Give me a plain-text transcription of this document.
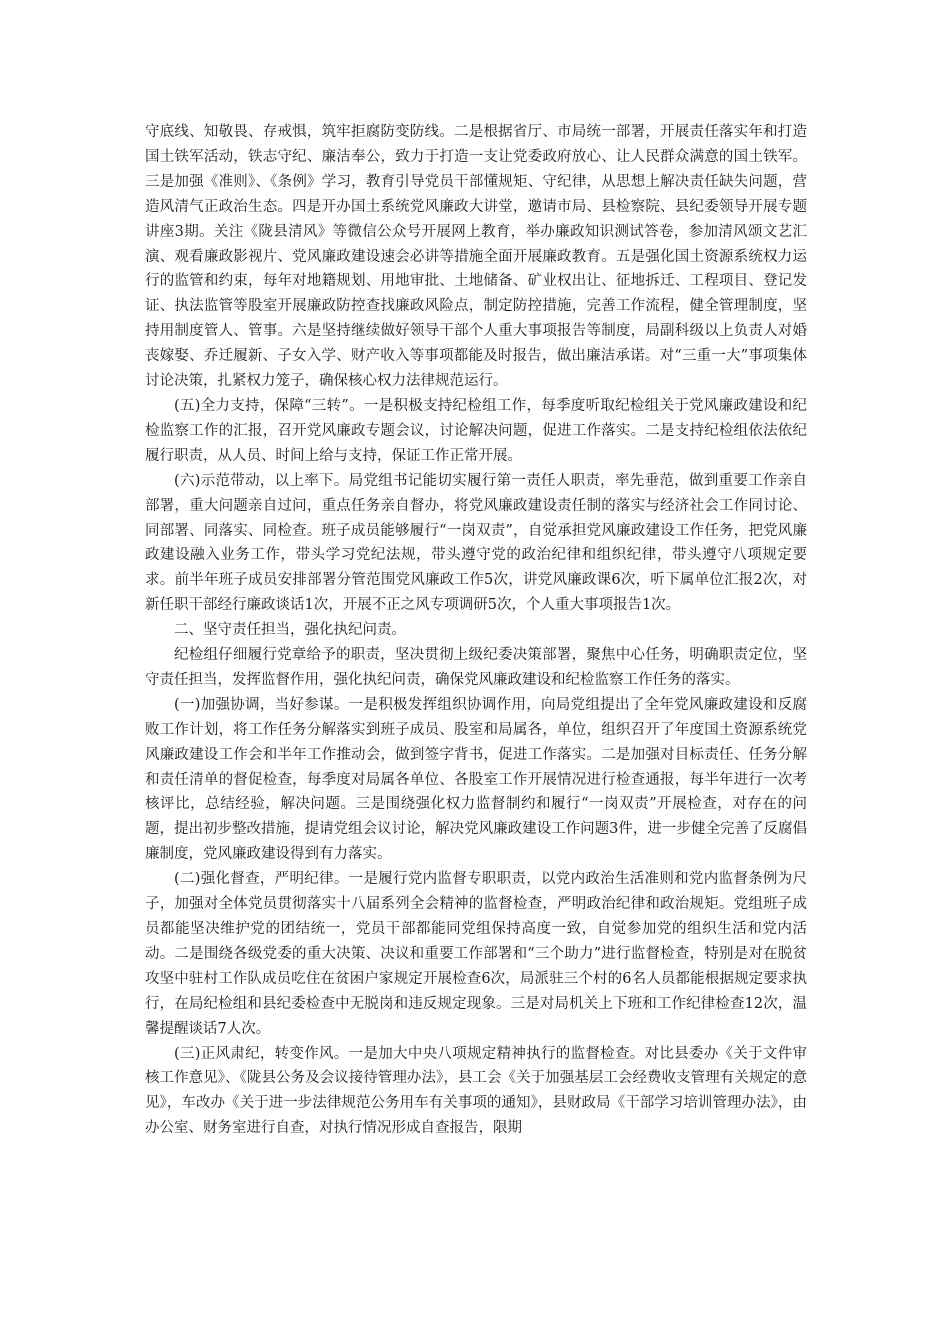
守底线、知敬畏、存戒惧，筑牢拒腐防变防线。二是根据省厅、市局统一部署，开展责任落实年和打造国土铁军活动，铁志守纪、廉洁奉公，致力于打造一支让党委政府放心、让人民群众满意的国土铁军。三是加强《准则》、《条例》学习，教育引导党员干部懂规矩、守纪律，从思想上解决责任缺失问题，营造风清气正政治生态。四是开办国土系统党风廉政大讲堂，邀请市局、县检察院、县纪委领导开展专题讲座3期。关注《陇县清风》等微信公众号开展网上教育，举办廉政知识测试答卷，参加清风颂文艺汇演、观看廉政影视片、党风廉政建设速会必讲等措施全面开展廉政教育。五是强化国土资源系统权力运行的监管和约束，每年对地籍规划、用地审批、土地储备、矿业权出让、征地拆迁、工程项目、登记发证、执法监管等股室开展廉政防控查找廉政风险点，制定防控措施，完善工作流程，健全管理制度，坚持用制度管人、管事。六是坚持继续做好领导干部个人重大事项报告等制度，局副科级以上负责人对婚丧嫁娶、乔迁履新、子女入学、财产收入等事项都能及时报告，做出廉洁承诺。对“三重一大”事项集体讨论决策，扎紧权力笼子，确保核心权力法律规范运行。

(五)全力支持，保障“三转”。一是积极支持纪检组工作，每季度听取纪检组关于党风廉政建设和纪检监察工作的汇报，召开党风廉政专题会议，讨论解决问题，促进工作落实。二是支持纪检组依法依纪履行职责，从人员、时间上给与支持，保证工作正常开展。

(六)示范带动，以上率下。局党组书记能切实履行第一责任人职责，率先垂范，做到重要工作亲自部署，重大问题亲自过问，重点任务亲自督办，将党风廉政建设责任制的落实与经济社会工作同讨论、同部署、同落实、同检查。班子成员能够履行“一岗双责”，自觉承担党风廉政建设工作任务，把党风廉政建设融入业务工作，带头学习党纪法规，带头遵守党的政治纪律和组织纪律，带头遵守八项规定要求。前半年班子成员安排部署分管范围党风廉政工作5次，讲党风廉政课6次，听下属单位汇报2次，对新任职干部经行廉政谈话1次，开展不正之风专项调研5次，个人重大事项报告1次。

二、坚守责任担当，强化执纪问责。

纪检组仔细履行党章给予的职责，坚决贯彻上级纪委决策部署，聚焦中心任务，明确职责定位，坚守责任担当，发挥监督作用，强化执纪问责，确保党风廉政建设和纪检监察工作任务的落实。

(一)加强协调，当好参谋。一是积极发挥组织协调作用，向局党组提出了全年党风廉政建设和反腐败工作计划，将工作任务分解落实到班子成员、股室和局属各，单位，组织召开了年度国土资源系统党风廉政建设工作会和半年工作推动会，做到签字背书，促进工作落实。二是加强对目标责任、任务分解和责任清单的督促检查，每季度对局属各单位、各股室工作开展情况进行检查通报，每半年进行一次考核评比，总结经验，解决问题。三是围绕强化权力监督制约和履行“一岗双责”开展检查，对存在的问题，提出初步整改措施，提请党组会议讨论，解决党风廉政建设工作问题3件，进一步健全完善了反腐倡廉制度，党风廉政建设得到有力落实。

(二)强化督查，严明纪律。一是履行党内监督专职职责，以党内政治生活准则和党内监督条例为尺子，加强对全体党员贯彻落实十八届系列全会精神的监督检查，严明政治纪律和政治规矩。党组班子成员都能坚决维护党的团结统一，党员干部都能同党组保持高度一致，自觉参加党的组织生活和党内活动。二是围绕各级党委的重大决策、决议和重要工作部署和“三个助力”进行监督检查，特别是对在脱贫攻坚中驻村工作队成员吃住在贫困户家规定开展检查6次，局派驻三个村的6名人员都能根据规定要求执行，在局纪检组和县纪委检查中无脱岗和违反规定现象。三是对局机关上下班和工作纪律检查12次，温馨提醒谈话7人次。

(三)正风肃纪，转变作风。一是加大中央八项规定精神执行的监督检查。对比县委办《关于文件审核工作意见》、《陇县公务及会议接待管理办法》，县工会《关于加强基层工会经费收支管理有关规定的意见》，车改办《关于进一步法律规范公务用车有关事项的通知》，县财政局《干部学习培训管理办法》，由办公室、财务室进行自查，对执行情况形成自查报告，限期
